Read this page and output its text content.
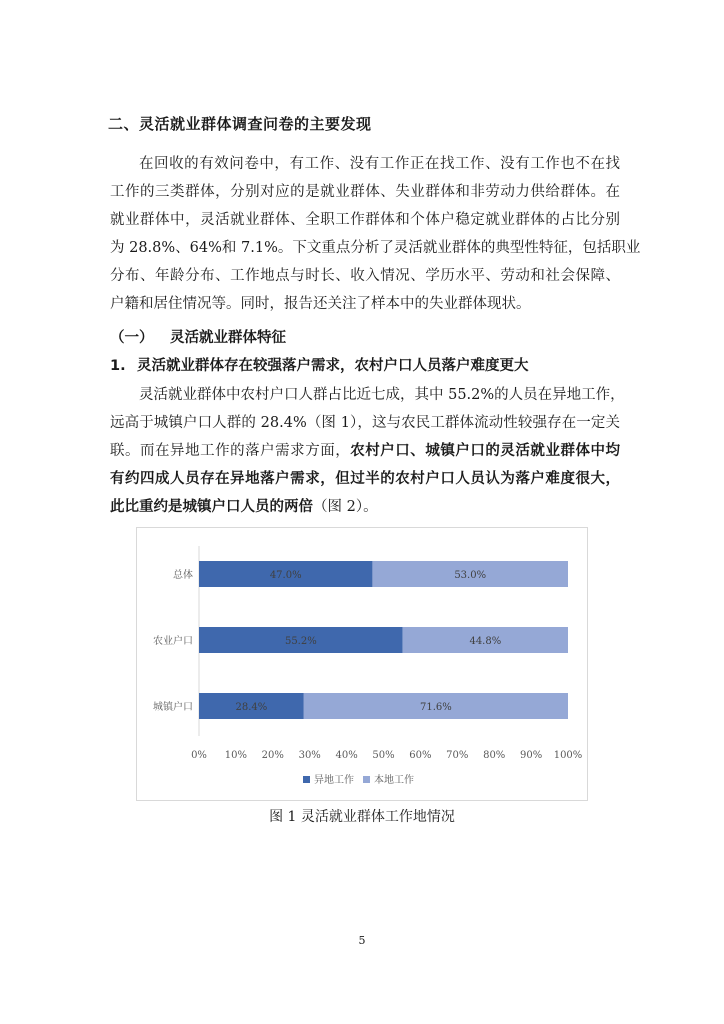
二、灵活就业群体调查问卷的主要发现
在回收的有效问卷中，有工作、没有工作正在找工作、没有工作也不在找
工作的三类群体，分别对应的是就业群体、失业群体和非劳动力供给群体。在
就业群体中，灵活就业群体、全职工作群体和个体户稳定就业群体的占比分别
为 28.8%、64%和 7.1%。下文重点分析了灵活就业群体的典型性特征，包括职业
分布、年龄分布、工作地点与时长、收入情况、学历水平、劳动和社会保障、
户籍和居住情况等。同时，报告还关注了样本中的失业群体现状。
（一） 灵活就业群体特征
1. 灵活就业群体存在较强落户需求，农村户口人员落户难度更大
灵活就业群体中农村户口人群占比近七成，其中 55.2%的人员在异地工作，
远高于城镇户口人群的 28.4%（图 1），这与农民工群体流动性较强存在一定关
联。而在异地工作的落户需求方面，农村户口、城镇户口的灵活就业群体中均
有约四成人员存在异地落户需求，但过半的农村户口人员认为落户难度很大，
此比重约是城镇户口人员的两倍（图 2）。
总体	47.0%	53.0%
农业户口	55.2%	44.8%
城镇户口	28.4%	71.6%
0% 10% 20% 30% 40% 50% 60% 70% 80% 90% 100%
异地工作 本地工作
图 1 灵活就业群体工作地情况
5
